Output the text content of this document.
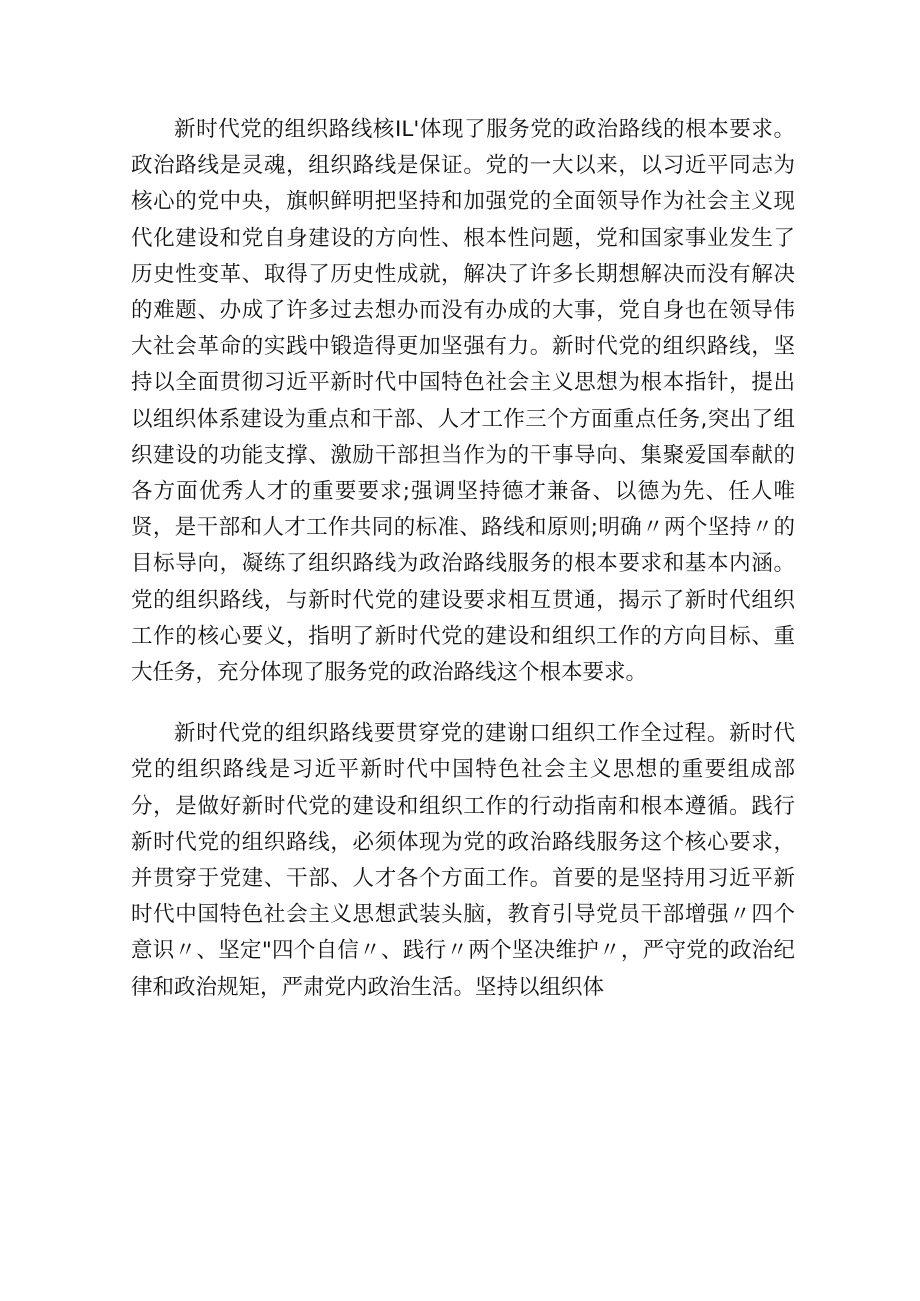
新时代党的组织路线核IL'体现了服务党的政治路线的根本要求。政治路线是灵魂，组织路线是保证。党的一大以来，以习近平同志为核心的党中央，旗帜鲜明把坚持和加强党的全面领导作为社会主义现代化建设和党自身建设的方向性、根本性问题，党和国家事业发生了历史性变革、取得了历史性成就，解决了许多长期想解决而没有解决的难题、办成了许多过去想办而没有办成的大事，党自身也在领导伟大社会革命的实践中锻造得更加坚强有力。新时代党的组织路线，坚持以全面贯彻习近平新时代中国特色社会主义思想为根本指针，提出以组织体系建设为重点和干部、人才工作三个方面重点任务,突出了组织建设的功能支撑、激励干部担当作为的干事导向、集聚爱国奉献的各方面优秀人才的重要要求;强调坚持德才兼备、以德为先、任人唯贤，是干部和人才工作共同的标准、路线和原则;明确〃两个坚持〃的目标导向，凝练了组织路线为政治路线服务的根本要求和基本内涵。党的组织路线，与新时代党的建设要求相互贯通，揭示了新时代组织工作的核心要义，指明了新时代党的建设和组织工作的方向目标、重大任务，充分体现了服务党的政治路线这个根本要求。

新时代党的组织路线要贯穿党的建谢口组织工作全过程。新时代党的组织路线是习近平新时代中国特色社会主义思想的重要组成部分，是做好新时代党的建设和组织工作的行动指南和根本遵循。践行新时代党的组织路线，必须体现为党的政治路线服务这个核心要求，并贯穿于党建、干部、人才各个方面工作。首要的是坚持用习近平新时代中国特色社会主义思想武装头脑，教育引导党员干部增强〃四个意识〃、坚定"四个自信〃、践行〃两个坚决维护〃，严守党的政治纪律和政治规矩，严肃党内政治生活。坚持以组织体
